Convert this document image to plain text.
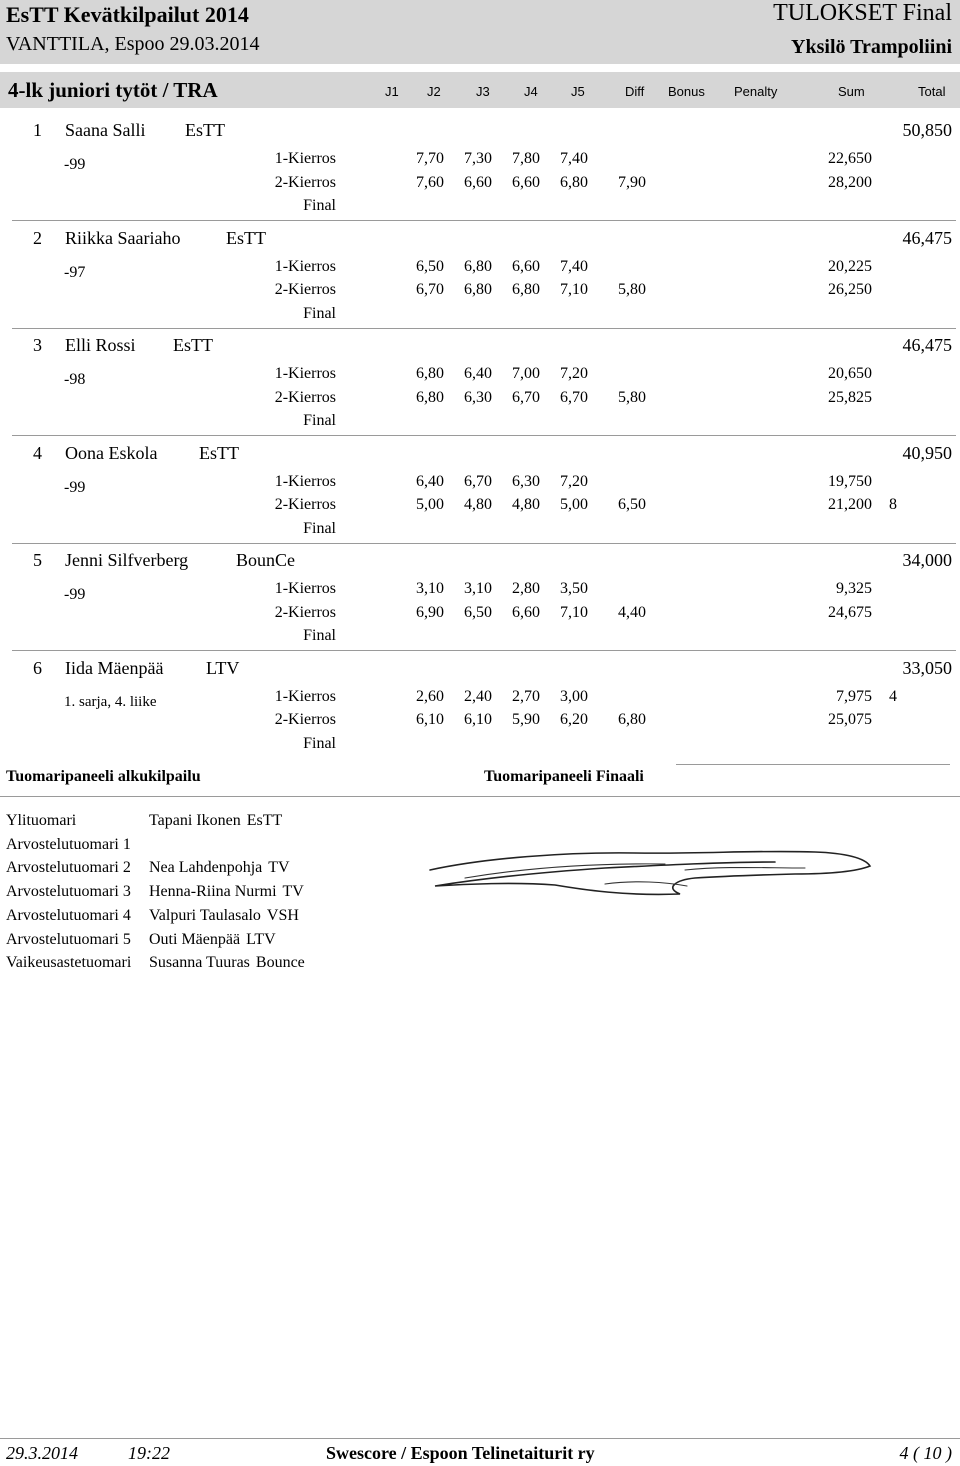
EsTT Kevätkilpailut 2014
VANTTILA, Espoo 29.03.2014
TULOKSET Final
Yksilö Trampoliini
4-lk juniori tytöt / TRA	J1 J2	J3	J4	J5	Diff Bonus Penalty	Sum	Total
1 Saana Salli EsTT	50,850
-99	1-Kierros	7,70 7,30 7,80 7,40	22,650
2-Kierros	7,60 6,60 6,60 6,80 7,90	28,200
Final
2 Riikka Saariaho	EsTT	46,475
-97	1-Kierros	6,50 6,80 6,60 7,40	20,225
2-Kierros	6,70 6,80 6,80 7,10 5,80	26,250
Final
3 Elli Rossi EsTT	46,475
-98	1-Kierros	6,80 6,40 7,00 7,20	20,650
2-Kierros	6,80 6,30 6,70 6,70 5,80	25,825
Final
4 Oona Eskola EsTT	40,950
-99	1-Kierros	6,40 6,70 6,30 7,20	19,750
2-Kierros	5,00 4,80 4,80 5,00 6,50	21,200 8
Final
5 Jenni Silfverberg	BounCe	34,000
-99	1-Kierros	3,10 3,10 2,80 3,50	9,325
2-Kierros	6,90 6,50 6,60 7,10 4,40	24,675
Final
6 Iida Mäenpää LTV	33,050
1. sarja, 4. liike	1-Kierros	2,60 2,40 2,70 3,00	7,975 4
2-Kierros	6,10 6,10 5,90 6,20 6,80	25,075
Final
Tuomaripaneeli alkukilpailu	Tuomaripaneeli Finaali
Ylituomari	Tapani Ikonen EsTT
Arvostelutuomari 1
Arvostelutuomari 2 Nea Lahdenpohja TV
Arvostelutuomari 3 Henna-Riina Nurmi TV
Arvostelutuomari 4 Valpuri Taulasalo VSH
Arvostelutuomari 5 Outi Mäenpää LTV
Vaikeusastetuomari Susanna Tuuras Bounce
29.3.2014	19:22	Swescore / Espoon Telinetaiturit ry	4 ( 10 )
